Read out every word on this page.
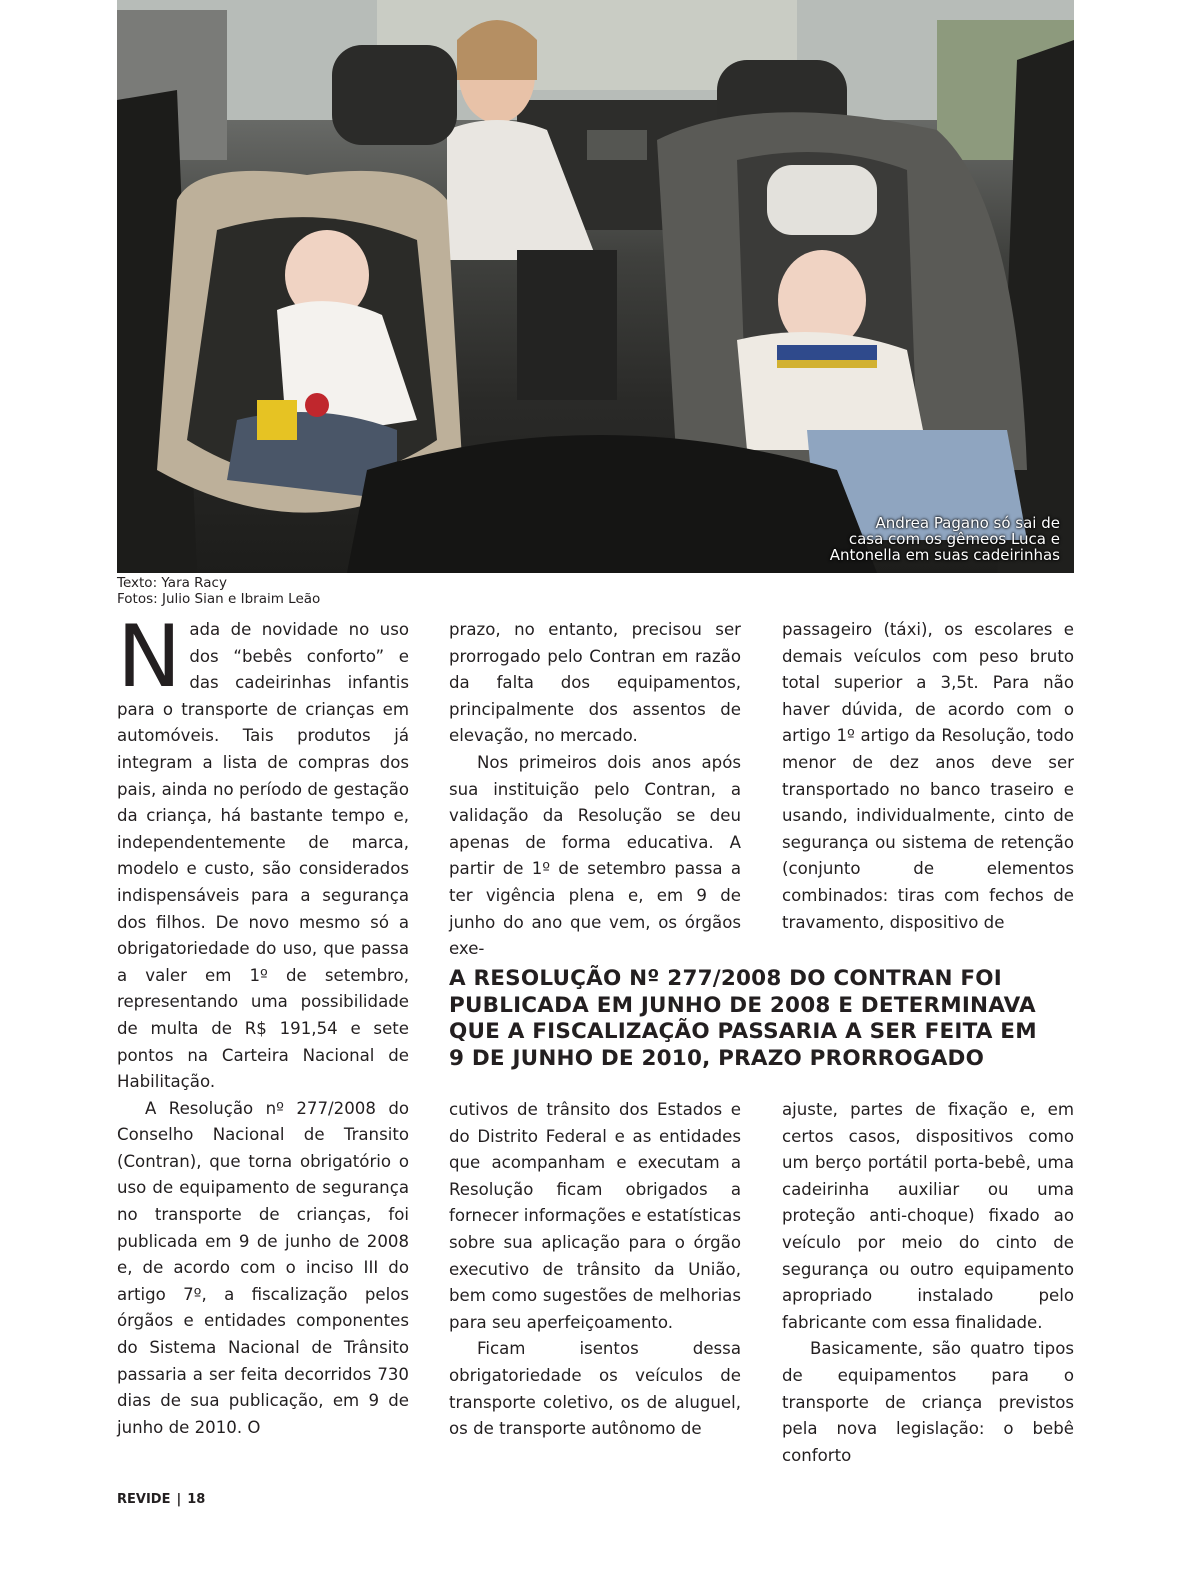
Andrea Pagano só sai de
casa com os gêmeos Luca e
Antonella em suas cadeirinhas
Texto: Yara Racy
Fotos: Julio Sian e Ibraim Leão

Nada de novidade no uso dos “bebês conforto” e das cadeirinhas infantis para o transporte de crianças em automóveis. Tais produtos já integram a lista de compras dos pais, ainda no período de gestação da criança, há bastante tempo e, independentemente de marca, modelo e custo, são considerados indispensáveis para a segurança dos filhos. De novo mesmo só a obrigatoriedade do uso, que passa a valer em 1º de setembro, representando uma possibilidade de multa de R$ 191,54 e sete pontos na Carteira Nacional de Habilitação.

A Resolução nº 277/2008 do Conselho Nacional de Transito (Contran), que torna obrigatório o uso de equipamento de segurança no transporte de crianças, foi publicada em 9 de junho de 2008 e, de acordo com o inciso III do artigo 7º, a fiscalização pelos órgãos e entidades componentes do Sistema Nacional de Trânsito passaria a ser feita decorridos 730 dias de sua publicação, em 9 de junho de 2010. O

prazo, no entanto, precisou ser prorrogado pelo Contran em razão da falta dos equipamentos, principalmente dos assentos de elevação, no mercado.

Nos primeiros dois anos após sua instituição pelo Contran, a validação da Resolução se deu apenas de forma educativa. A partir de 1º de setembro passa a ter vigência plena e, em 9 de junho do ano que vem, os órgãos exe-

passageiro (táxi), os escolares e demais veículos com peso bruto total superior a 3,5t. Para não haver dúvida, de acordo com o artigo 1º artigo da Resolução, todo menor de dez anos deve ser transportado no banco traseiro e usando, individualmente, cinto de segurança ou sistema de retenção (conjunto de elementos combinados: tiras com fechos de travamento, dispositivo de

A RESOLUÇÃO Nº 277/2008 DO CONTRAN FOI
PUBLICADA EM JUNHO DE 2008 E DETERMINAVA
QUE A FISCALIZAÇÃO PASSARIA A SER FEITA EM
9 DE JUNHO DE 2010, PRAZO PRORROGADO

cutivos de trânsito dos Estados e do Distrito Federal e as entidades que acompanham e executam a Resolução ficam obrigados a fornecer informações e estatísticas sobre sua aplicação para o órgão executivo de trânsito da União, bem como sugestões de melhorias para seu aperfeiçoamento.

Ficam isentos dessa obrigatoriedade os veículos de transporte coletivo, os de aluguel, os de transporte autônomo de

ajuste, partes de fixação e, em certos casos, dispositivos como um berço portátil porta-bebê, uma cadeirinha auxiliar ou uma proteção anti-choque) fixado ao veículo por meio do cinto de segurança ou outro equipamento apropriado instalado pelo fabricante com essa finalidade.

Basicamente, são quatro tipos de equipamentos para o transporte de criança previstos pela nova legislação: o bebê conforto

REVIDE | 18
